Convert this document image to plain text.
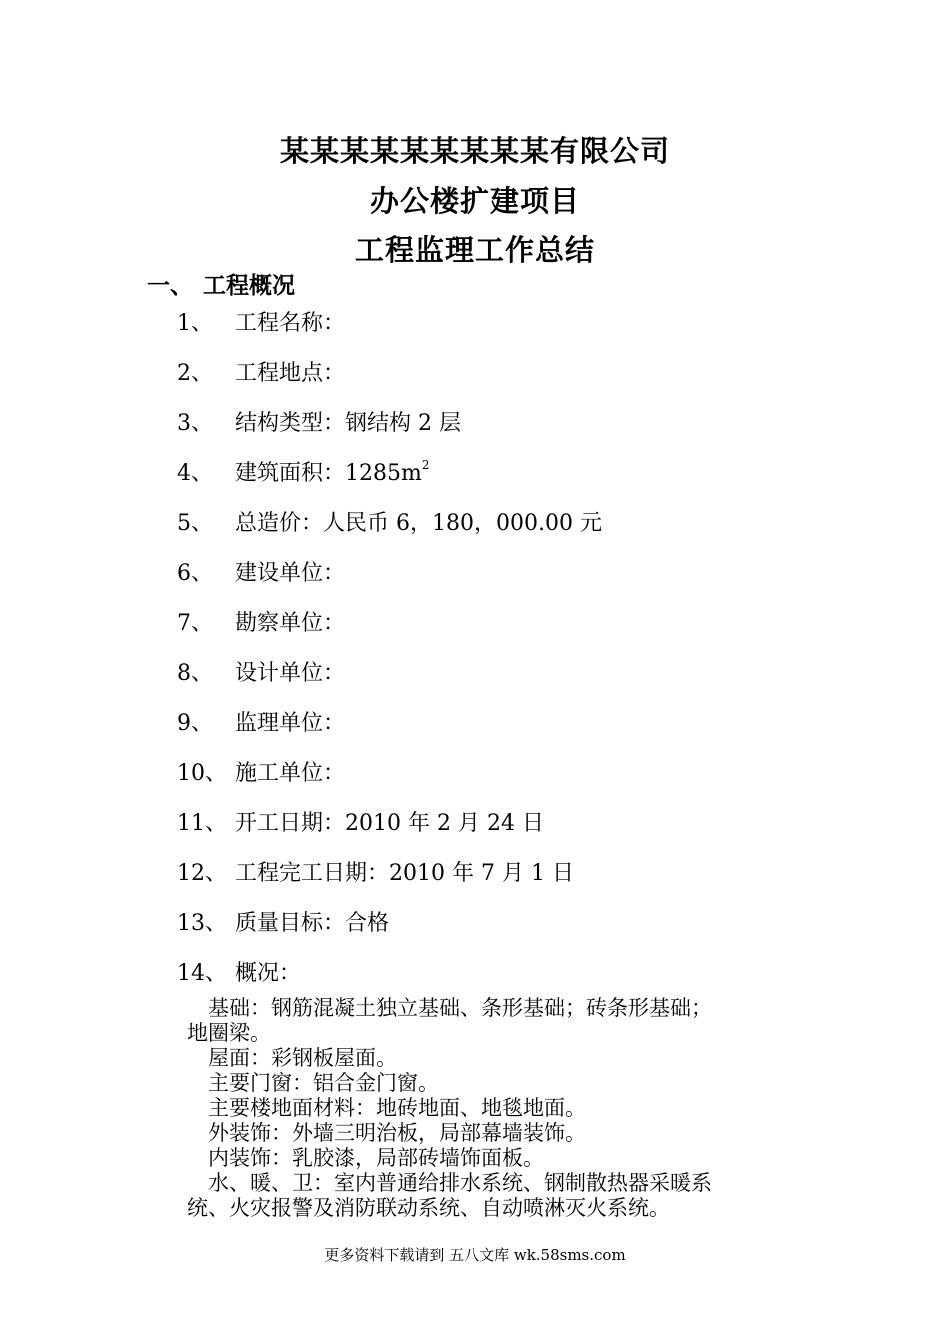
某某某某某某某某某有限公司
办公楼扩建项目
工程监理工作总结
一、 工程概况
1、 工程名称：
2、 工程地点：
3、 结构类型：钢结构 2 层
4、 建筑面积：$1285m^2$
5、 总造价：人民币 6，180，000.00 元
6、 建设单位：
7、 勘察单位：
8、 设计单位：
9、 监理单位：
10、 施工单位：
11、 开工日期：2010 年 2 月 24 日
12、 工程完工日期：2010 年 7 月 1 日
13、 质量目标：合格
14、 概况：

　基础：钢筋混凝土独立基础、条形基础；砖条形基础；

地圈梁。

　屋面：彩钢板屋面。

　主要门窗：铝合金门窗。

　主要楼地面材料：地砖地面、地毯地面。

　外装饰：外墙三明治板，局部幕墙装饰。

　内装饰：乳胶漆，局部砖墙饰面板。

　水、暖、卫：室内普通给排水系统、钢制散热器采暖系

统、火灾报警及消防联动系统、自动喷淋灭火系统。

更多资料下载请到 五八文库 wk.58sms.com
